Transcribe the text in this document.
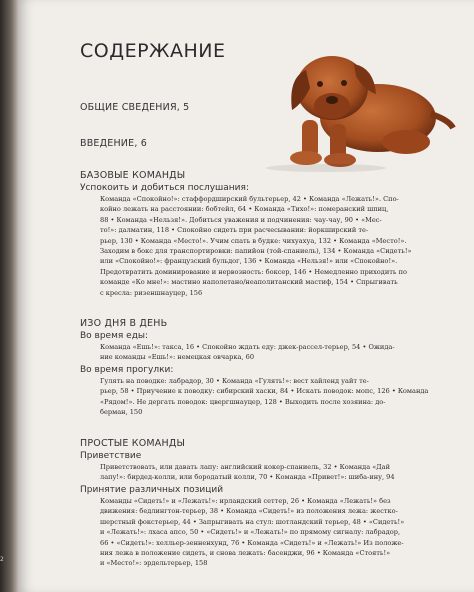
СОДЕРЖАНИЕ
ОБЩИЕ СВЕДЕНИЯ, 5
ВВЕДЕНИЕ, 6
БАЗОВЫЕ КОМАНДЫ
Успокоить и добиться послушания:
Команда «Спокойно!»: стаффордширский бультерьер, 42 • Команда «Лежать!». Спо-
койно лежать на расстоянии: бобтейл, 64 • Команда «Тихо!»: померанский шпиц,
88 • Команда «Нельзя!». Добиться уважения и подчинения: чау-чау, 90 • «Мес-
то!»: далматин, 118 • Спокойно сидеть при расчесывании: йоркширский те-
рьер, 130 • Команда «Место!». Учим спать в будке: чихуахуа, 132 • Команда «Место!».
Заходим в бокс для транспортировки: папийон (той-спаниель), 134 • Команда «Сидеть!»
или «Спокойно!»: французский бульдог, 136 • Команда «Нельзя!» или «Спокойно!».
Предотвратить доминирование и нервозность: боксер, 146 • Немедленно приходить по
команде «Ко мне!»: мастино наполетано/неаполитанский мастиф, 154 • Спрыгивать
с кресла: ризеншнауцер, 156
ИЗО ДНЯ В ДЕНЬ
Во время еды:
Команда «Ешь!»: такса, 16 • Спокойно ждать еду: джек-рассел-терьер, 54 • Ожида-
ние команды «Ешь!»: немецкая овчарка, 60
Во время прогулки:
Гулять на поводке: лабрадор, 30 • Команда «Гулять!»: вест хайленд уайт те-
рьер, 58 • Приучение к поводку: сибирский хаски, 84 • Искать поводок: мопс, 126 • Команда
«Рядом!». Не дергать поводок: цвергшнауцер, 128 • Выходить после хозяина: до-
берман, 150
ПРОСТЫЕ КОМАНДЫ
Приветствие
Приветствовать, или давать лапу: английский кокер-спаниель, 32 • Команда «Дай
лапу!»: бирдед-колли, или бородатый колли, 70 • Команда «Привет!»: шиба-ину, 94
Принятие различных позиций
Команды «Сидеть!» и «Лежать!»: ирландский сеттер, 26 • Команда «Лежать!» без
движения: бедлингтон-терьер, 38 • Команда «Сидеть!» из положения лежа: жестко-
шерстный фокстерьер, 44 • Запрыгивать на стул: шотландский терьер, 48 • «Сидеть!»
и «Лежать!»: лхаса апсо, 50 • «Сидеть!» и «Лежать!» по прямому сигналу: лабрадор,
66 • «Сидеть!»: хелльер-зенненхунд, 76 • Команда «Сидеть!» и «Лежать!» Из положе-
ния лежа в положение сидеть, и снова лежать: басенджи, 96 • Команда «Стоять!»
и «Место!»: эрдельтерьер, 158
2
